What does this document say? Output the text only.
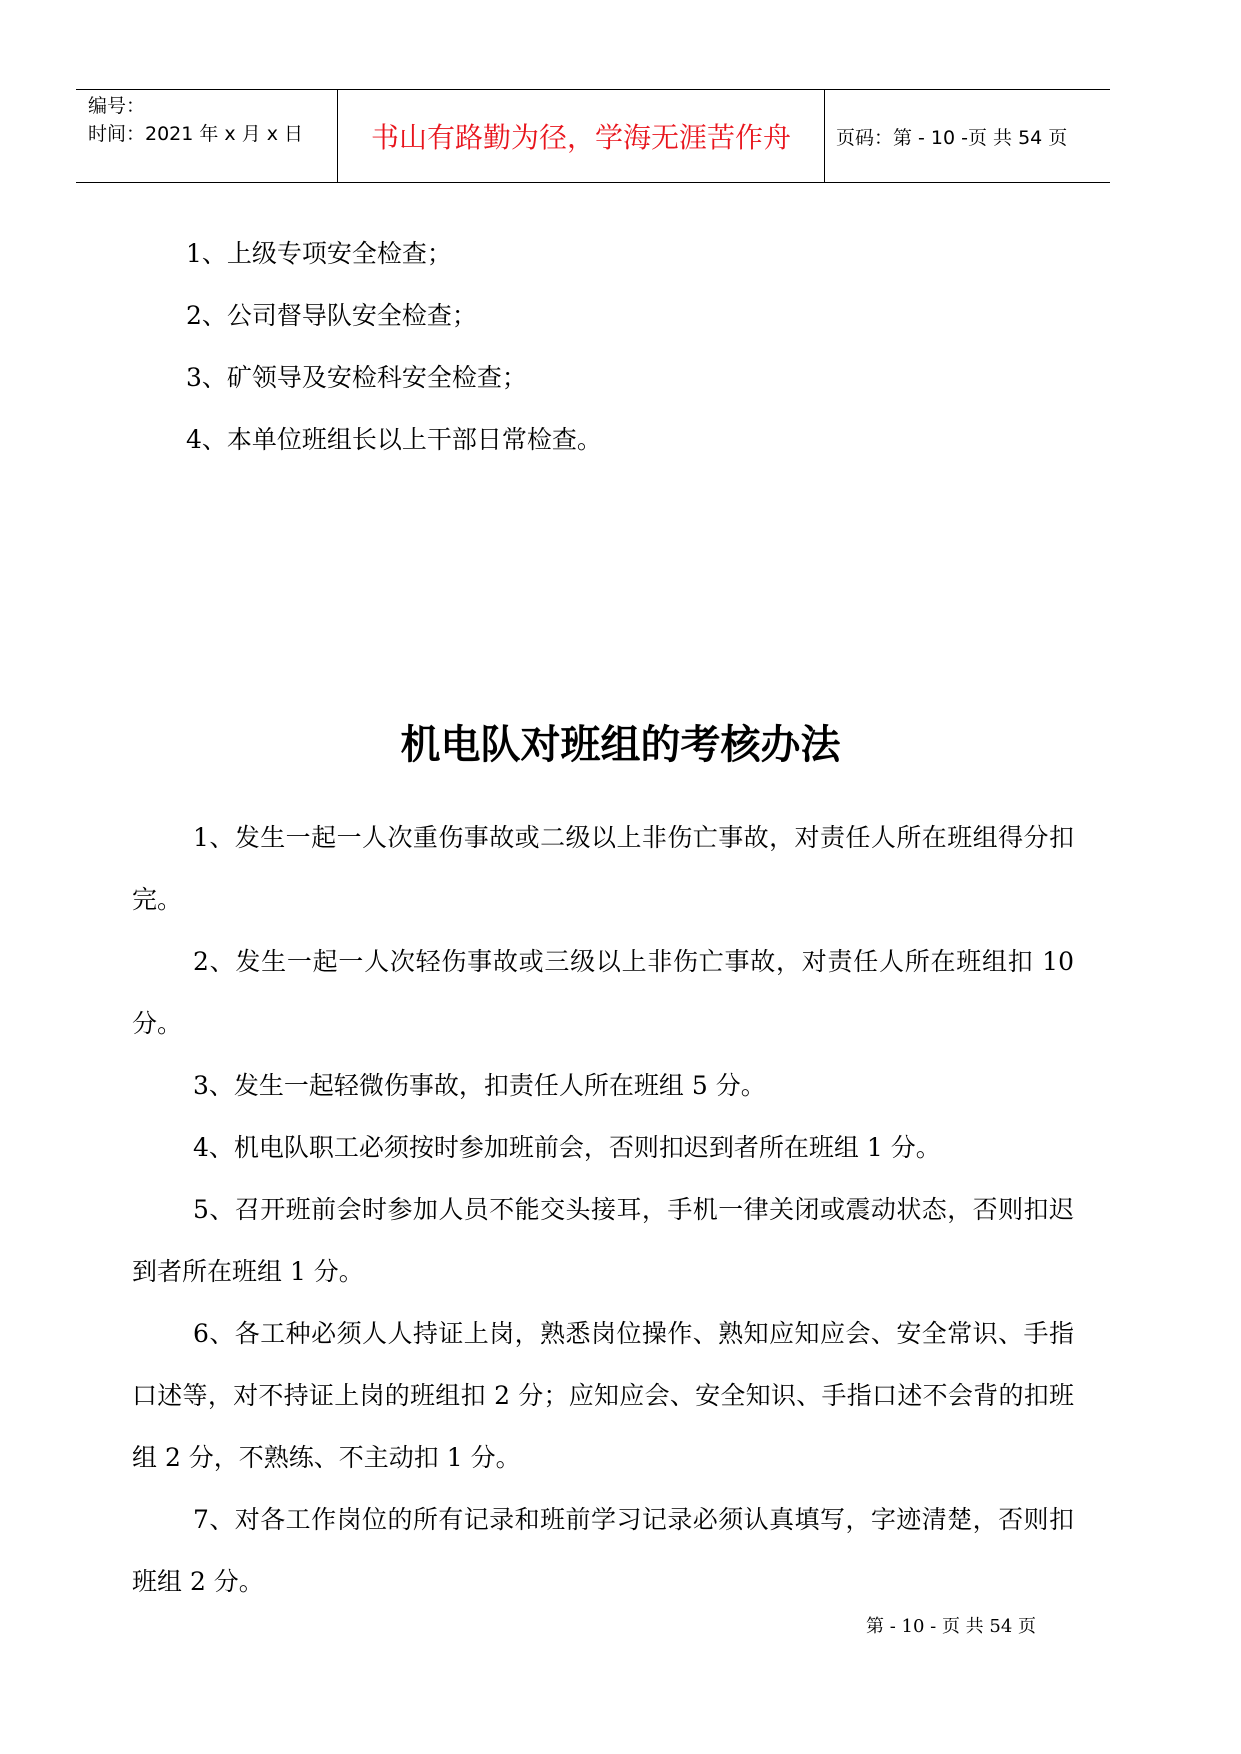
编号：
时间：2021 年 x 月 x 日	书山有路勤为径，学海无涯苦作舟	页码：第 - 10 -页 共 54 页
1、上级专项安全检查；
2、公司督导队安全检查；
3、矿领导及安检科安全检查；
4、本单位班组长以上干部日常检查。
机电队对班组的考核办法
1、发生一起一人次重伤事故或二级以上非伤亡事故，对责任人所在班组得分扣完。
2、发生一起一人次轻伤事故或三级以上非伤亡事故，对责任人所在班组扣 10 分。
3、发生一起轻微伤事故，扣责任人所在班组 5 分。
4、机电队职工必须按时参加班前会，否则扣迟到者所在班组 1 分。
5、召开班前会时参加人员不能交头接耳，手机一律关闭或震动状态，否则扣迟到者所在班组 1 分。
6、各工种必须人人持证上岗，熟悉岗位操作、熟知应知应会、安全常识、手指口述等，对不持证上岗的班组扣 2 分；应知应会、安全知识、手指口述不会背的扣班组 2 分，不熟练、不主动扣 1 分。
7、对各工作岗位的所有记录和班前学习记录必须认真填写，字迹清楚，否则扣班组 2 分。
第 - 10 - 页 共 54 页
